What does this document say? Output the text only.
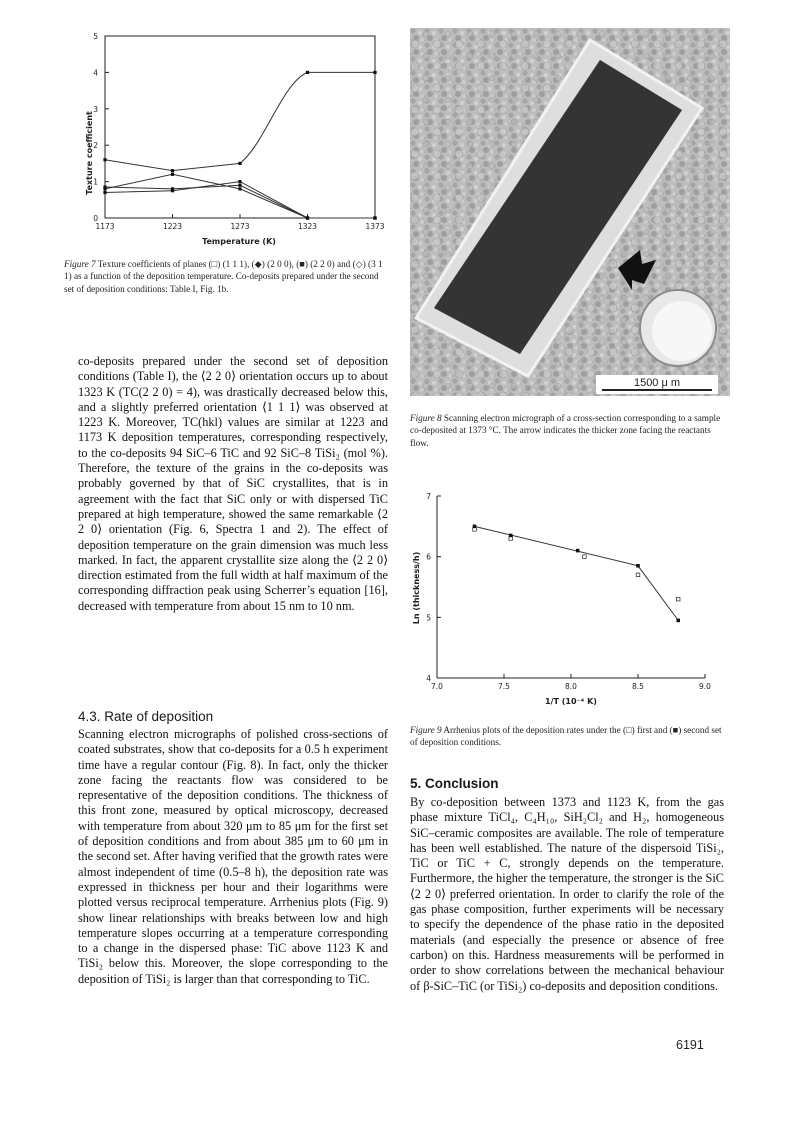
Texture coefficient
Temperature (K)
0
1
2
3
4
5
1173	1223	1273	1323	1373
Figure 7 Texture coefficients of planes (□) (1 1 1), (◆) (2 0 0), (■) (2 2 0) and (◇) (3 1 1) as a function of the deposition temperature. Co-deposits prepared under the second set of deposition conditions: Table I, Fig. 1b.
1500 μ m
Figure 8 Scanning electron micrograph of a cross-section corresponding to a sample co-deposited at 1373 °C. The arrow indicates the thicker zone facing the reactants flow.
Ln (thickness/h)
1/T (10⁻⁴ K)
4
5
6
7
7.0	7.5	8.0	8.5	9.0
Figure 9 Arrhenius plots of the deposition rates under the (□) first and (■) second set of deposition conditions.
co-deposits prepared under the second set of deposition conditions (Table I), the ⟨2 2 0⟩ orientation occurs up to about 1323 K (TC(2 2 0) = 4), was drastically decreased below this, and a slightly preferred orientation ⟨1 1 1⟩ was observed at 1223 K. Moreover, TC(hkl) values are similar at 1223 and 1173 K deposition temperatures, corresponding respectively, to the co-deposits 94 SiC–6 TiC and 92 SiC–8 TiSi₂ (mol %). Therefore, the texture of the grains in the co-deposits was probably governed by that of SiC crystallites, that is in agreement with the fact that SiC only or with dispersed TiC prepared at high temperature, showed the same remarkable ⟨2 2 0⟩ orientation (Fig. 6, Spectra 1 and 2). The effect of deposition temperature on the grain dimension was much less marked. In fact, the apparent crystallite size along the ⟨2 2 0⟩ direction estimated from the full width at half maximum of the corresponding diffraction peak using Scherrer’s equation [16], decreased with temperature from about 15 nm to 10 nm.
4.3. Rate of deposition
Scanning electron micrographs of polished cross-sections of coated substrates, show that co-deposits for a 0.5 h experiment time have a regular contour (Fig. 8). In fact, only the thicker zone facing the reactants flow was considered to be representative of the deposition conditions. The thickness of this front zone, measured by optical microscopy, decreased with temperature from about 320 μm to 85 μm for the first set of deposition conditions and from about 385 μm to 60 μm in the second set. After having verified that the growth rates were almost independent of time (0.5–8 h), the deposition rate was expressed in thickness per hour and their logarithms were plotted versus reciprocal temperature. Arrhenius plots (Fig. 9) show linear relationships with breaks between low and high temperature slopes occurring at a temperature corresponding to a change in the dispersed phase: TiC above 1123 K and TiSi₂ below this. Moreover, the slope corresponding to the deposition of TiSi₂ is larger than that corresponding to TiC.
5. Conclusion
By co-deposition between 1373 and 1123 K, from the gas phase mixture TiCl₄, C₄H₁₀, SiH₂Cl₂ and H₂, homogeneous SiC–ceramic composites are available. The role of temperature has been well established. The nature of the dispersoid TiSi₂, TiC or TiC + C, strongly depends on the temperature. Furthermore, the higher the temperature, the stronger is the SiC ⟨2 2 0⟩ preferred orientation. In order to clarify the role of the gas phase composition, further experiments will be necessary to specify the dependence of the phase ratio in the deposited materials (and especially the presence or absence of free carbon) on this. Hardness measurements will be performed in order to show correlations between the mechanical behaviour of β-SiC–TiC (or TiSi₂) co-deposits and deposition conditions.
6191
